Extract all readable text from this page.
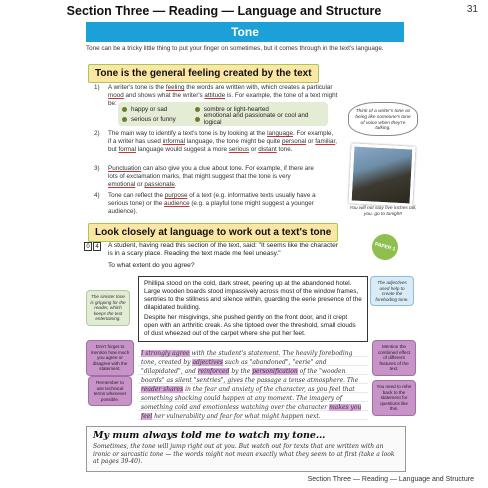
Section Three — Reading — Language and Structure	31
Tone
Tone can be a tricky little thing to put your finger on sometimes, but it comes through in the text's language.
Tone is the general feeling created by the text
1) A writer's tone is the feeling the words are written with, which creates a particular mood and shows what the writer's attitude is. For example, the tone of a text might be:
happy or sad	sombre or light-hearted
serious or funny	emotional and passionate or cool and logical
2) The main way to identify a text's tone is by looking at the language. For example, if a writer has used informal language, the tone might be quite personal or familiar, but formal language would suggest a more serious or distant tone.
3) Punctuation can also give you a clue about tone. For example, if there are lots of exclamation marks, that might suggest that the tone is very emotional or passionate.
4) Tone can reflect the purpose of a text (e.g. informative texts usually have a serious tone) or the audience (e.g. a playful tone might suggest a younger audience).
Think of a writer's tone as being like someone's tone of voice when they're talking.
You will not stay five inches tall, you. go to tonight!
Look closely at language to work out a text's tone
PAPER 1
0 4	A student, having read this section of the text, said: "It seems like the character is in a scary place. Reading the text made me feel uneasy."
To what extent do you agree?
Phillipa stood on the cold, dark street, peering up at the abandoned hotel. Large wooden boards stood impassively across most of the window frames, sentries to the stillness and silence within, guarding the eerie presence of the dilapidated building.
Despite her misgivings, she pushed gently on the front door, and it crept open with an arthritic creak. As she tiptoed over the threshold, small clouds of dust wheezed out of the carpet where she put her feet.
I strongly agree with the student's statement. The heavily foreboding tone, created by adjectives such as "abandoned", "eerie" and "dilapidated", and reinforced by the personification of the "wooden boards" as silent "sentries", gives the passage a tense atmosphere. The reader shares in the fear and anxiety of the character, as you feel that something shocking could happen at any moment. The imagery of something cold and emotionless watching over the character makes you feel her vulnerability and fear for what might happen next.
The sinister tone is gripping for the reader, which keeps the text entertaining.
Don't forget to mention how much you agree or disagree with the statement.
Remember to use technical terms whenever possible.
The adjectives used help to create the foreboding tone.
Mention the combined effect of different features of the text.
You need to refer back to the statement for questions like this.
My mum always told me to watch my tone…
Sometimes, the tone will jump right out at you. But watch out for texts that are written with an ironic or sarcastic tone — the words might not mean exactly what they seem to at first (take a look at pages 39-40).
Section Three — Reading — Language and Structure
